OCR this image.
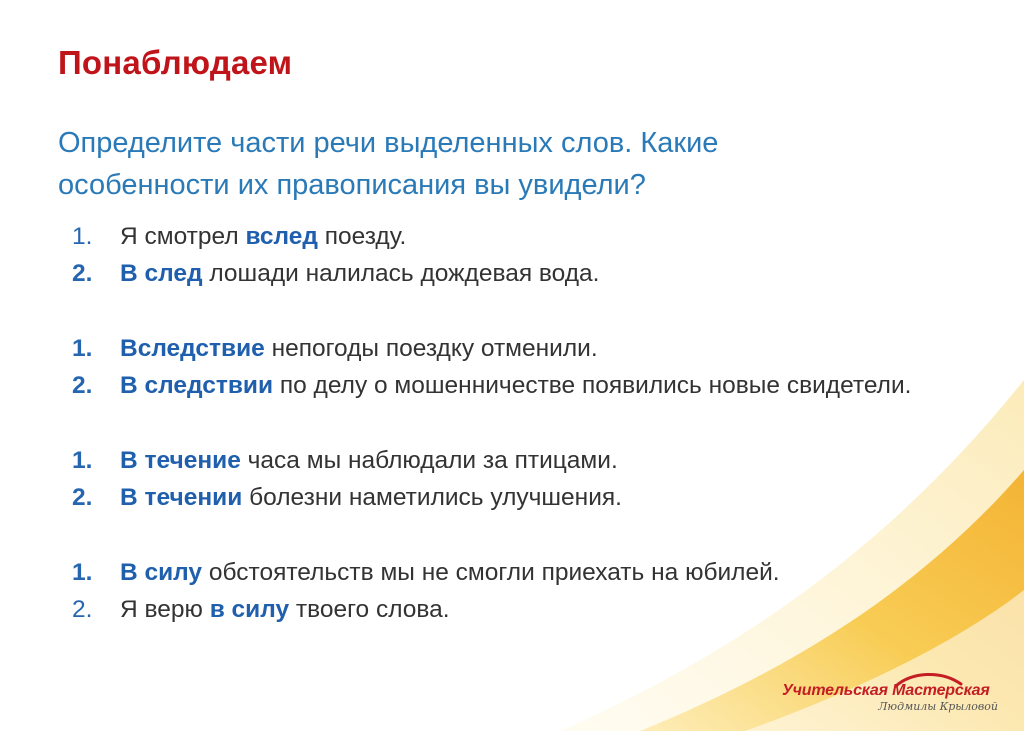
Понаблюдаем

Определите части речи выделенных слов. Какие особенности их правописания вы увидели?

1. Я смотрел вслед поезду.
2. В след лошади налилась дождевая вода.
1. Вследствие непогоды поездку отменили.
2. В следствии по делу о мошенничестве появились новые свидетели.
1. В течение часа мы наблюдали за птицами.
2. В течении болезни наметились улучшения.
1. В силу обстоятельств мы не смогли приехать на юбилей.
2. Я верю в силу твоего слова.
Учительская Мастерская
Людмилы Крыловой
